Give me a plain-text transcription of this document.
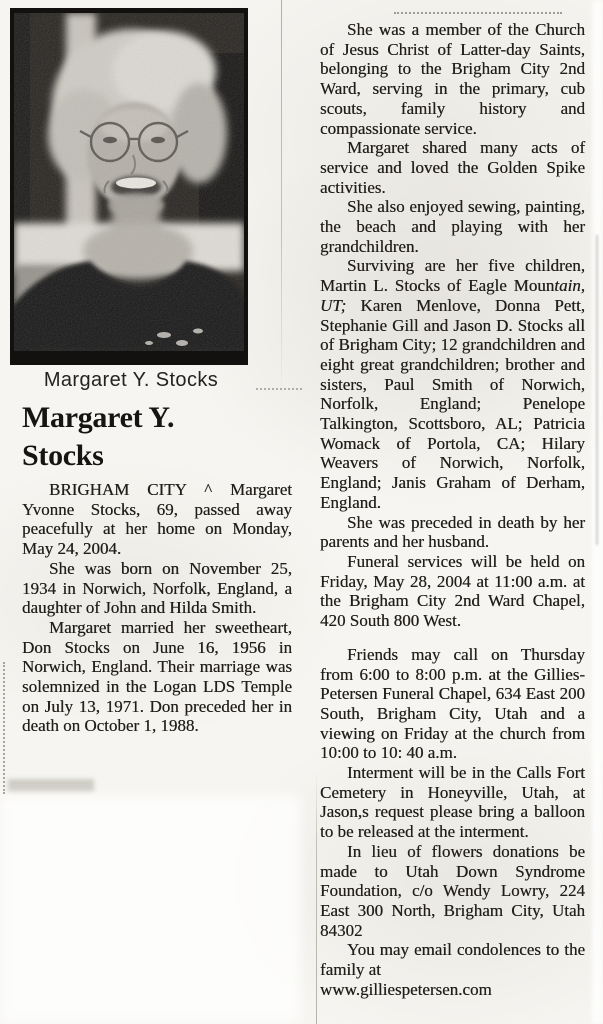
Margaret Y. Stocks
Margaret Y.
Stocks

BRIGHAM CITY ^ Margaret Yvonne Stocks, 69, passed away peacefully at her home on Monday, May 24, 2004.

She was born on November 25, 1934 in Norwich, Norfolk, England, a daughter of John and Hilda Smith.

Margaret married her sweetheart, Don Stocks on June 16, 1956 in Norwich, England. Their marriage was solemnized in the Logan LDS Temple on July 13, 1971. Don preceded her in death on October 1, 1988.

She was a member of the Church of Jesus Christ of Latter-day Saints, belonging to the Brigham City 2nd Ward, serving in the primary, cub scouts, family history and compassionate service.

Margaret shared many acts of service and loved the Golden Spike activities.

She also enjoyed sewing, painting, the beach and playing with her grandchildren.

Surviving are her five children, Martin L. Stocks of Eagle Mountain, UT; Karen Menlove, Donna Pett, Stephanie Gill and Jason D. Stocks all of Brigham City; 12 grandchildren and eight great grandchildren; brother and sisters, Paul Smith of Norwich, Norfolk, England; Penelope Talkington, Scottsboro, AL; Patricia Womack of Portola, CA; Hilary Weavers of Norwich, Norfolk, England; Janis Graham of Derham, England.

She was preceded in death by her parents and her husband.

Funeral services will be held on Friday, May 28, 2004 at 11:00 a.m. at the Brigham City 2nd Ward Chapel, 420 South 800 West.

Friends may call on Thursday from 6:00 to 8:00 p.m. at the Gillies-Petersen Funeral Chapel, 634 East 200 South, Brigham City, Utah and a viewing on Friday at the church from 10:00 to 10: 40 a.m.

Interment will be in the Calls Fort Cemetery in Honeyville, Utah, at Jason,s request please bring a balloon to be released at the interment.

In lieu of flowers donations be made to Utah Down Syndrome Foundation, c/o Wendy Lowry, 224 East 300 North, Brigham City, Utah 84302

You may email condolences to the family at

www.gilliespetersen.com
